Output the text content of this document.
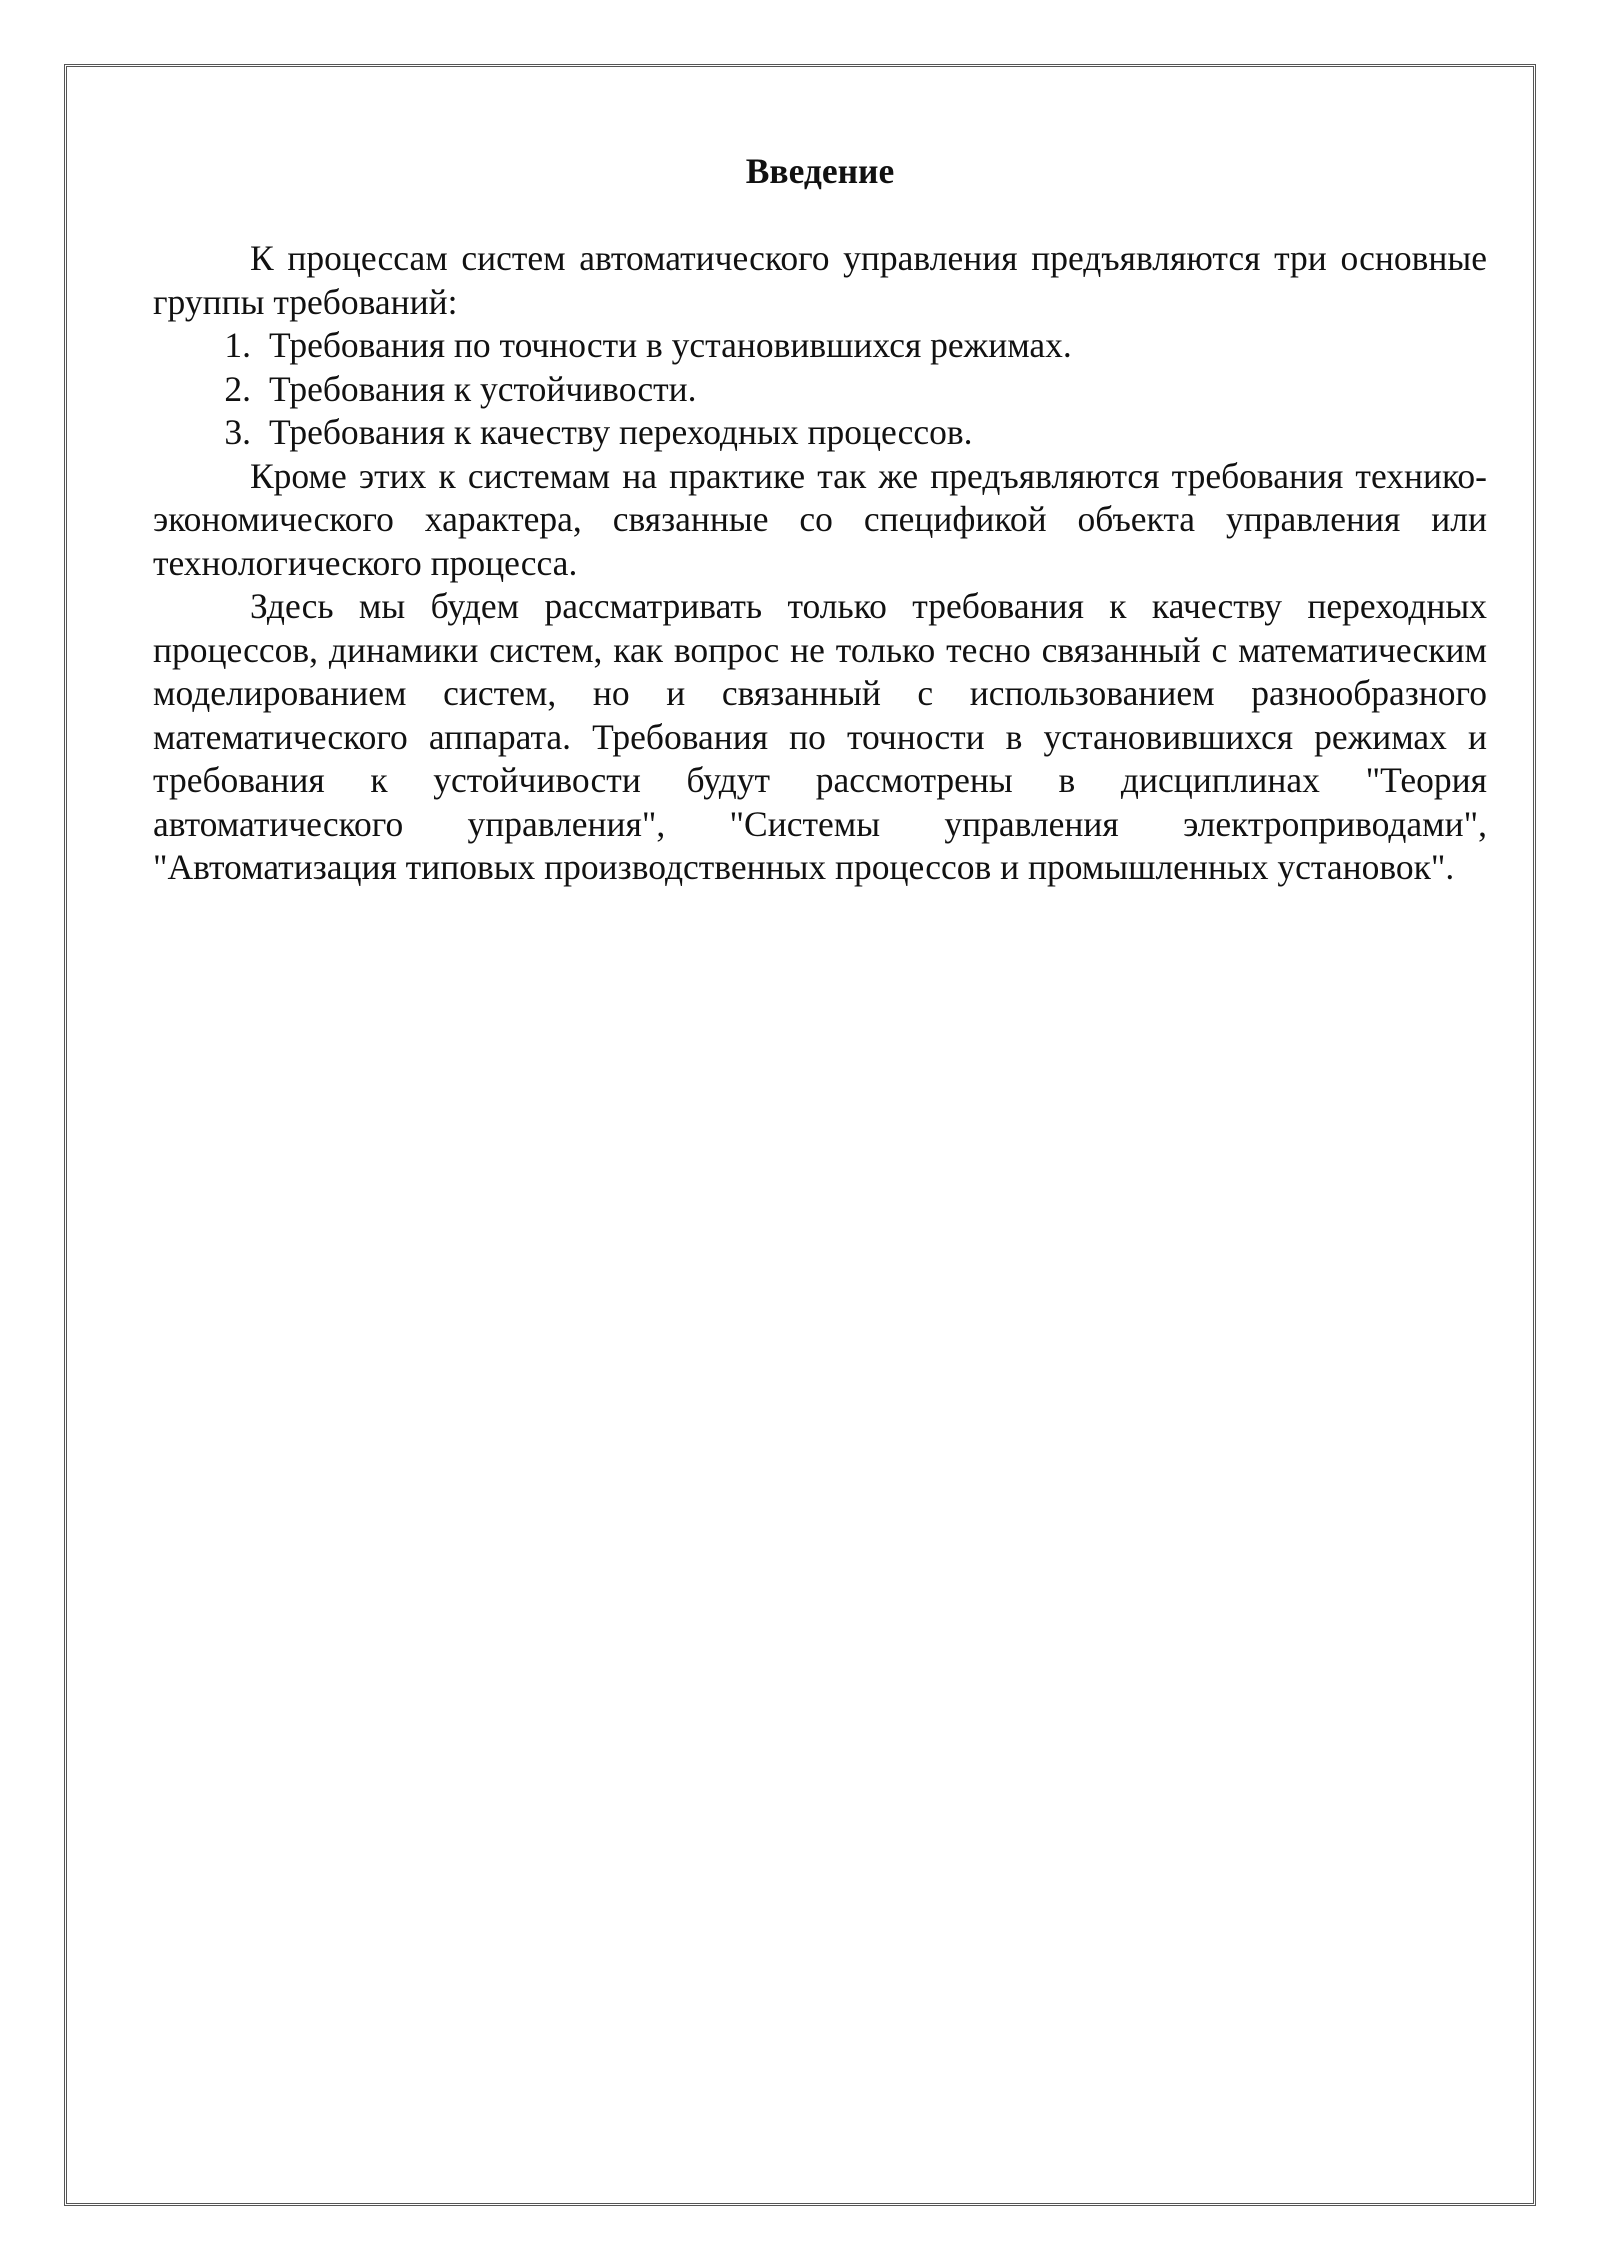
Введение

К процессам систем автоматического управления предъявляются три основные группы требований:

1. Требования по точности в установившихся режимах.
2. Требования к устойчивости.
3. Требования к качеству переходных процессов.

Кроме этих к системам на практике так же предъявляются требования технико-экономического характера, связанные со спецификой объекта управления или технологического процесса.

Здесь мы будем рассматривать только требования к качеству переходных процессов, динамики систем, как вопрос не только тесно связанный с математическим моделированием систем, но и связанный с использованием разнообразного математического аппарата. Требования по точности в установившихся режимах и требования к устойчивости будут рассмотрены в дисциплинах "Теория автоматического управления", "Системы управления электроприводами", "Автоматизация типовых производственных процессов и промышленных установок".
